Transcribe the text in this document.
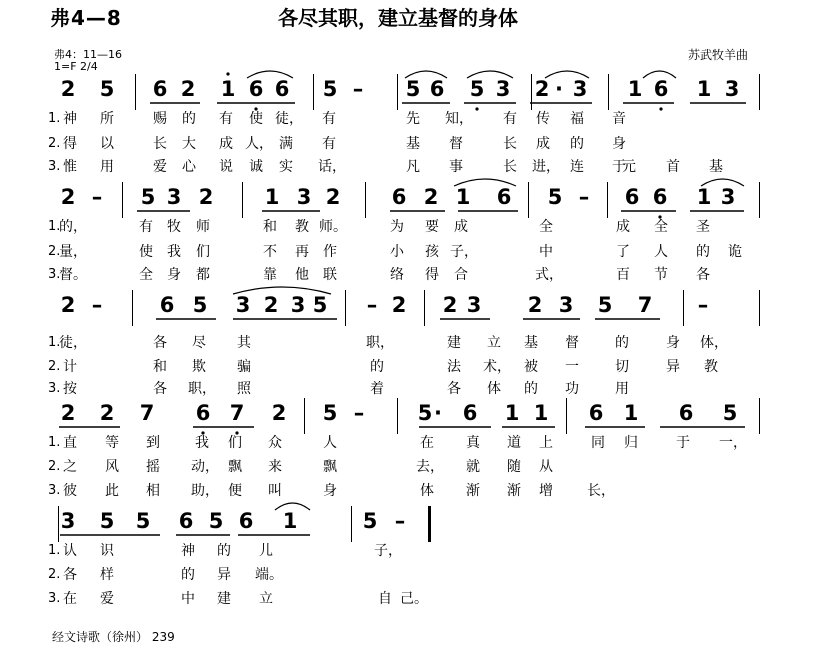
弗4—8	各尽其职，建立基督的身体
弗4：11—16
1=F 2/4
苏武牧羊曲
2 5 6 2 1 6 6 5 – 5 6 5 3 2 · 3 1 6 1 3
1. 神 所	赐 的 有 使 徒，	有	先 知，	有 传 福 音
2. 得 以	长 大 成 人， 满 有	基 督	长 成 的 身
3. 惟 用	爱 心 说 诚 实 话，	凡 事	长 进， 连 于
元 首 基
2 – 5 3 2 1 3 2 6 2 1 6 5 – 6 6 1 3
1.
的，	有 牧 师	和 教 师。	为 要 成	全	成 全 圣
2.
量，	使 我 们	不 再 作	小 孩 子，	中	了 人 的 诡
3.
督。	全 身 都	靠 他 联	络 得 合	式，	百 节 各
2 –	6 5 3 2 3 5 – 2 2 3 2 3 5 7 –
1.
徒，	各 尽 其	职，	建 立 基 督	的	身 体，
2. 计	和 欺 骗	的	法 术， 被 一	切	异 教
3. 按	各 职，	照	着	各 体 的 功	用
2 2 7 6 7 2 5 –	5 · 6 1 1 6 1 6 5
1. 直 等 到	我 们 众	人	在 真 道 上	同 归	于 一，
2. 之 风 摇 动， 飘 来	飘	去，	就 随 从
3. 彼 此 相 助， 便 叫	身	体 渐 渐 增 长，
3 5 5 6 5 6 1	5 –
1. 认 识	神 的 儿	子，
2. 各 样	的 异 端。
3. 在 爱	中 建 立	自 己。
经文诗歌（徐州） 239
